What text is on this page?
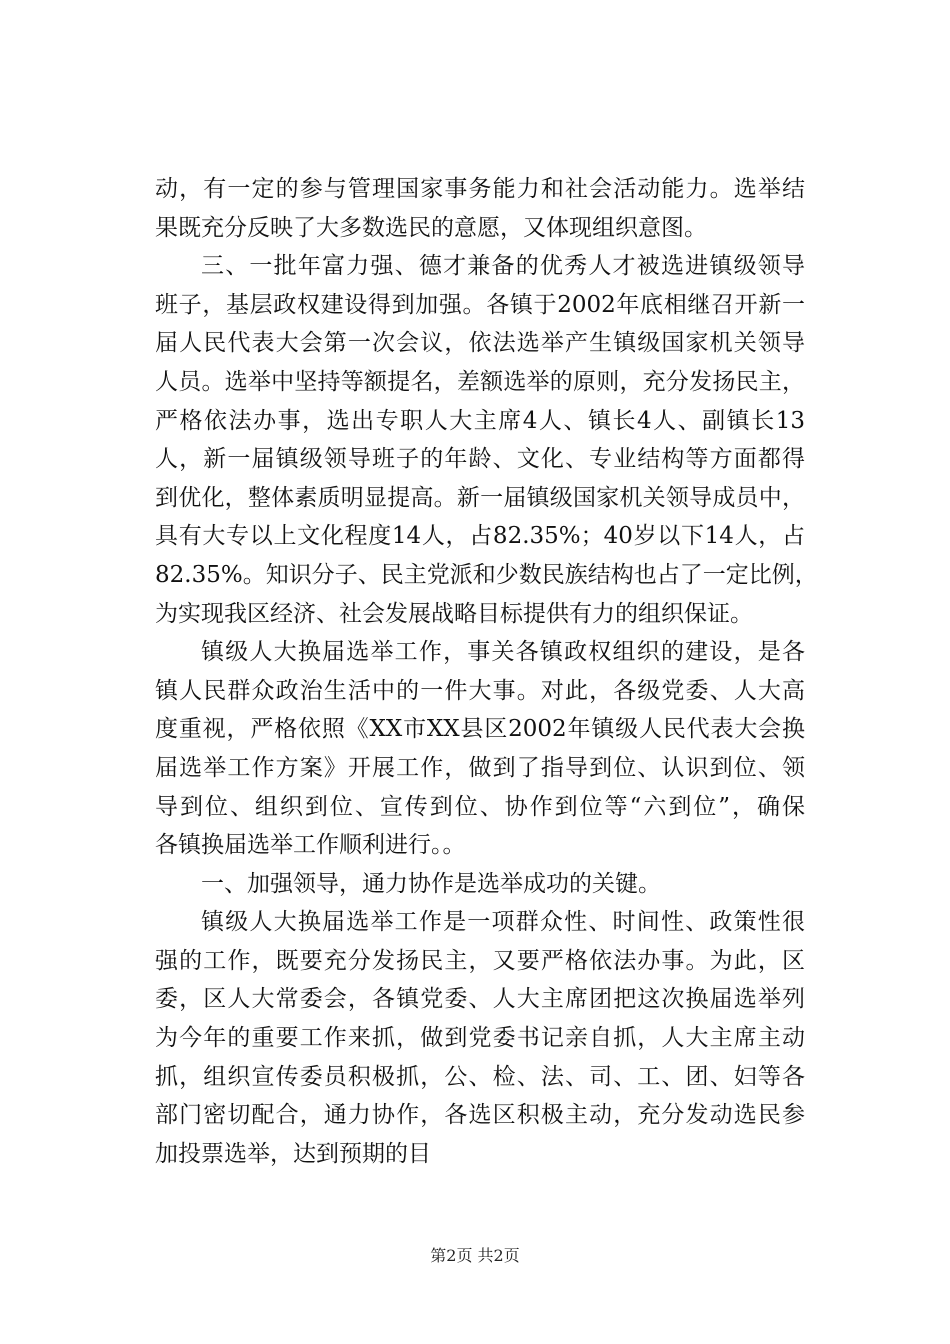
动，有一定的参与管理国家事务能力和社会活动能力。选举结
果既充分反映了大多数选民的意愿，又体现组织意图。
三、一批年富力强、德才兼备的优秀人才被选进镇级领导
班子，基层政权建设得到加强。各镇于2002年底相继召开新一
届人民代表大会第一次会议，依法选举产生镇级国家机关领导
人员。选举中坚持等额提名，差额选举的原则，充分发扬民主，
严格依法办事，选出专职人大主席4人、镇长4人、副镇长13
人，新一届镇级领导班子的年龄、文化、专业结构等方面都得
到优化，整体素质明显提高。新一届镇级国家机关领导成员中，
具有大专以上文化程度14人，占82.35%；40岁以下14人，占
82.35%。知识分子、民主党派和少数民族结构也占了一定比例，
为实现我区经济、社会发展战略目标提供有力的组织保证。
镇级人大换届选举工作，事关各镇政权组织的建设，是各
镇人民群众政治生活中的一件大事。对此，各级党委、人大高
度重视，严格依照《XX市XX县区2002年镇级人民代表大会换
届选举工作方案》开展工作，做到了指导到位、认识到位、领
导到位、组织到位、宣传到位、协作到位等“六到位”，确保
各镇换届选举工作顺利进行。。
一、加强领导，通力协作是选举成功的关键。
镇级人大换届选举工作是一项群众性、时间性、政策性很
强的工作，既要充分发扬民主，又要严格依法办事。为此，区
委，区人大常委会，各镇党委、人大主席团把这次换届选举列
为今年的重要工作来抓，做到党委书记亲自抓，人大主席主动
抓，组织宣传委员积极抓，公、检、法、司、工、团、妇等各
部门密切配合，通力协作，各选区积极主动，充分发动选民参
加投票选举，达到预期的目
第2页 共2页
